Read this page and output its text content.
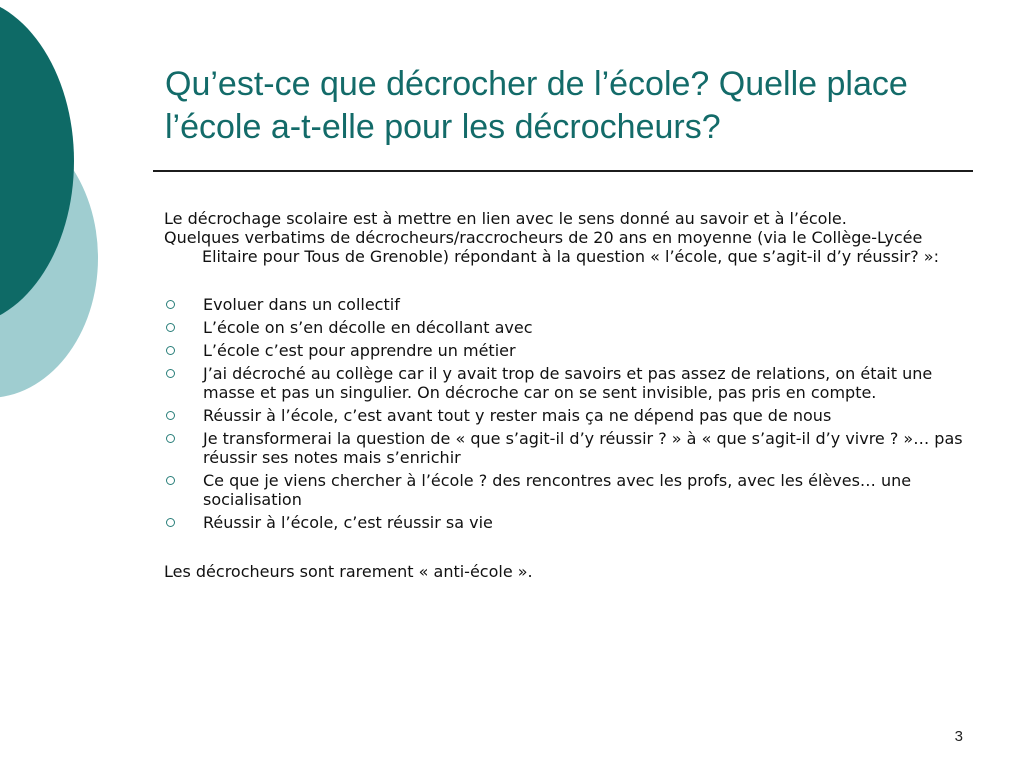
Qu’est-ce que décrocher de l’école? Quelle place l’école a-t-elle pour les décrocheurs?

Le décrochage scolaire est à mettre en lien avec le sens donné au savoir et à l’école.

Quelques verbatims de décrocheurs/raccrocheurs de 20 ans en moyenne (via le Collège-Lycée Elitaire pour Tous de Grenoble) répondant à la question « l’école, que s’agit-il d’y réussir? »:

Evoluer dans un collectif
L’école on s’en décolle en décollant avec
L’école c’est pour apprendre un métier
J’ai décroché au collège car il y avait trop de savoirs et pas assez de relations, on était une masse et pas un singulier. On décroche car on se sent invisible, pas pris en compte.
Réussir à l’école, c’est avant tout y rester mais ça ne dépend pas que de nous
Je transformerai la question de « que s’agit-il d’y réussir ? » à « que s’agit-il d’y vivre ? »… pas réussir ses notes mais s’enrichir
Ce que je viens chercher à l’école ? des rencontres avec les profs, avec les élèves… une socialisation
Réussir à l’école, c’est réussir sa vie

Les décrocheurs sont rarement « anti-école ».

3
